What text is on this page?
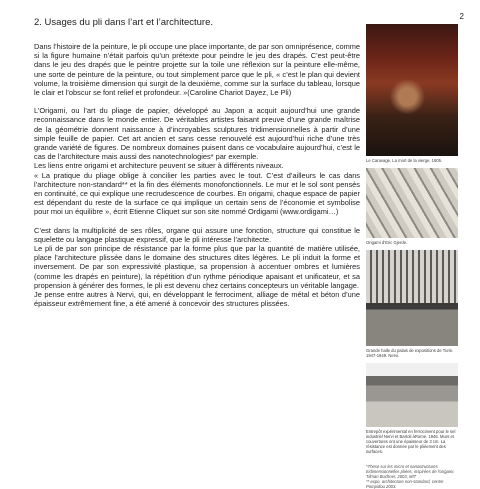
2
2. Usages du pli dans l’art et l’architecture.

Dans l’histoire de la peinture, le pli occupe une place importante, de par son omniprésence, comme si la figure humaine n’était parfois qu’un prétexte pour peindre le jeu des drapés. C’est peut-être dans le jeu des drapés que le peintre projette sur la toile une réflexion sur la peinture elle-même, une sorte de peinture de la peinture, ou tout simplement parce que le pli, « c’est le plan qui devient volume, la troisième dimension qui surgit de la deuxième, comme sur la surface du tableau, lorsque le clair et l’obscur se font relief et profondeur. »(Caroline Chariot Dayez, Le Pli)

L’Origami, ou l’art du pliage de papier, développé au Japon a acquit aujourd’hui une grande reconnaissance dans le monde entier. De véritables artistes faisant preuve d’une grande maîtrise de la géométrie donnent naissance à d’incroyables sculptures tridimensionnelles à partir d’une simple feuille de papier. Cet art ancien et sans cesse renouvelé est aujourd’hui riche d’une très grande variété de figures. De nombreux domaines puisent dans ce vocabulaire aujourd’hui, c’est le cas de l’architecture mais aussi des nanotechnologies* par exemple.

Les liens entre origami et architecture peuvent se situer à différents niveaux.

« La pratique du pliage oblige à concilier les parties avec le tout. C’est d’ailleurs le cas dans l’architecture non-standard** et la fin des éléments monofonctionnels. Le mur et le sol sont pensés en continuité, ce qui explique une recrudescence de courbes. En origami, chaque espace de papier est dépendant du reste de la surface ce qui implique un certain sens de l’économie et symbolise pour moi un équilibre », écrit Etienne Cliquet sur son site nommé Ordigami (www.ordigami…)

C’est dans la multiplicité de ses rôles, organe qui assure une fonction, structure qui constitue le squelette ou langage plastique expressif, que le pli intéresse l’architecte.

Le pli de par son principe de résistance par la forme plus que par la quantité de matière utilisée, place l’architecture plissée dans le domaine des structures dites légères. Le pli induit la forme et inversement. De par son expressivité plastique, sa propension à accentuer ombres et lumières (comme les drapés en peinture), la répétition d’un rythme périodique apaisant et unificateur, et sa propension à générer des formes, le pli est devenu chez certains concepteurs un véritable langage.

Je pense entre autres à Nervi, qui, en développant le ferrociment, alliage de métal et béton d’une épaisseur extrêmement fine, a été amené à concevoir des structures plissées.

Le Caravage, La mort de la vierge, 1605.
Origami d’Eric Gjerde.
Grande halle du palais de expositions de Turin. 1947-1949. Nervi.
Entrepôt expérimental en ferrociment pour le sel industriel Nervi et Bartoli àRome, 1946. Murs et couvertures ont une épaisseur de 3 cm. La résistance est donnée par le pliéement des surfaces.
*These sur les micro et nanostructures tridimensionnelles pliées, inspirées de l’origami. Tilman Buchner, 2003, MIT
** expo. architecture non-standard, centre Pompidou 2003.
